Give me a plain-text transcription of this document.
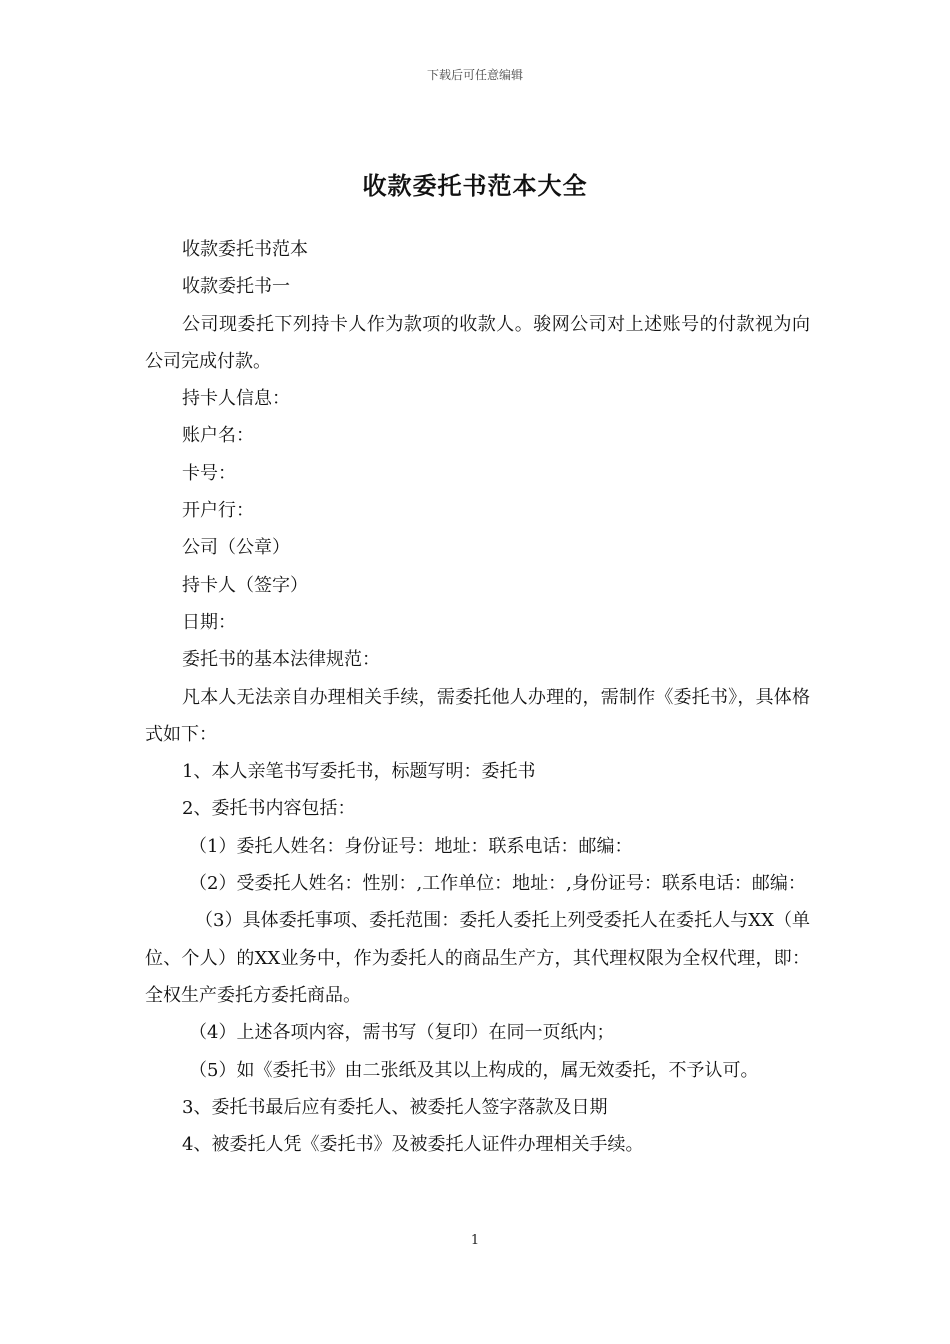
下载后可任意编辑
收款委托书范本大全

收款委托书范本

收款委托书一

公司现委托下列持卡人作为款项的收款人。骏网公司对上述账号的付款视为向公司完成付款。

持卡人信息：

账户名：

卡号：

开户行：

公司（公章）

持卡人（签字）

日期：

委托书的基本法律规范：

凡本人无法亲自办理相关手续，需委托他人办理的，需制作《委托书》，具体格式如下：

1、本人亲笔书写委托书，标题写明：委托书

2、委托书内容包括：

（1）委托人姓名：身份证号：地址：联系电话：邮编：

（2）受委托人姓名：性别：,工作单位：地址：,身份证号：联系电话：邮编：

（3）具体委托事项、委托范围：委托人委托上列受委托人在委托人与XX（单位、个人）的XX业务中，作为委托人的商品生产方，其代理权限为全权代理，即：全权生产委托方委托商品。

（4）上述各项内容，需书写（复印）在同一页纸内；

（5）如《委托书》由二张纸及其以上构成的，属无效委托，不予认可。

3、委托书最后应有委托人、被委托人签字落款及日期

4、被委托人凭《委托书》及被委托人证件办理相关手续。

1
